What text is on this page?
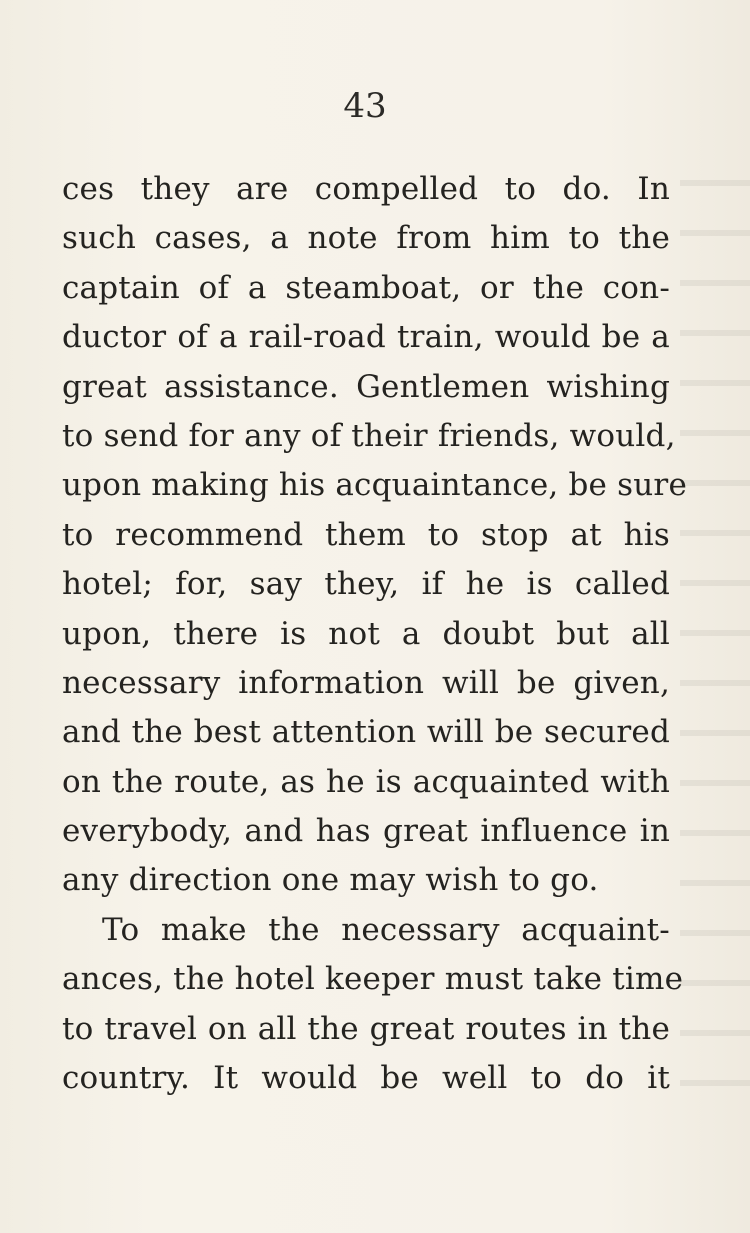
43
ces they are compelled to do. In
such cases, a note from him to the
captain of a steamboat, or the con-
ductor of a rail-road train, would be a
great assistance. Gentlemen wishing
to send for any of their friends, would,
upon making his acquaintance, be sure
to recommend them to stop at his
hotel; for, say they, if he is called
upon, there is not a doubt but all
necessary information will be given,
and the best attention will be secured
on the route, as he is acquainted with
everybody, and has great influence in
any direction one may wish to go.
To make the necessary acquaint-
ances, the hotel keeper must take time
to travel on all the great routes in the
country. It would be well to do it
